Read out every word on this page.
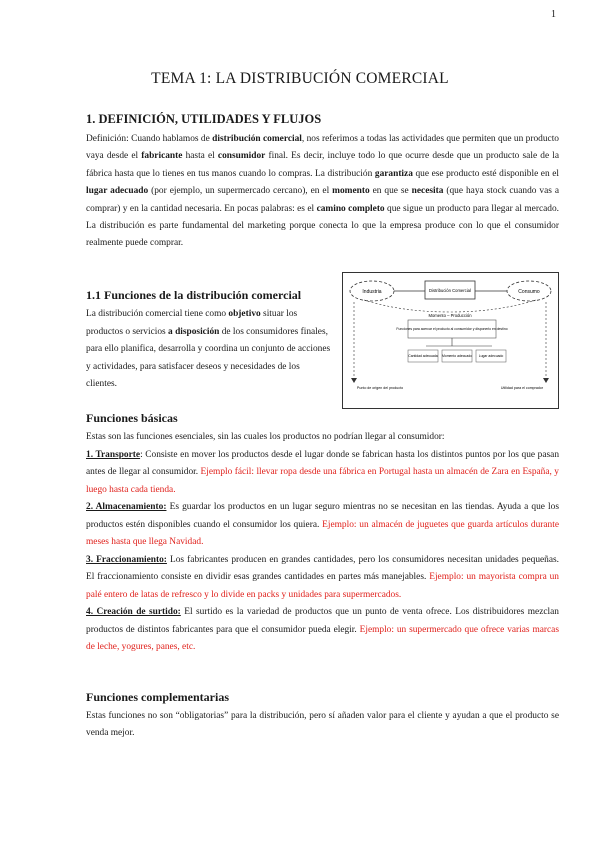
1
TEMA 1: LA DISTRIBUCIÓN COMERCIAL
1. DEFINICIÓN, UTILIDADES Y FLUJOS
Definición: Cuando hablamos de distribución comercial, nos referimos a todas las actividades que permiten que un producto vaya desde el fabricante hasta el consumidor final. Es decir, incluye todo lo que ocurre desde que un producto sale de la fábrica hasta que lo tienes en tus manos cuando lo compras. La distribución garantiza que ese producto esté disponible en el lugar adecuado (por ejemplo, un supermercado cercano), en el momento en que se necesita (que haya stock cuando vas a comprar) y en la cantidad necesaria. En pocas palabras: es el camino completo que sigue un producto para llegar al mercado. La distribución es parte fundamental del marketing porque conecta lo que la empresa produce con lo que el consumidor realmente puede comprar.
1.1 Funciones de la distribución comercial
La distribución comercial tiene como objetivo situar los productos o servicios a disposición de los consumidores finales, para ello planifica, desarrolla y coordina un conjunto de acciones y actividades, para satisfacer deseos y necesidades de los clientes.
Industria	Distribución Comercial	Consumo
Momento – Producción
Funciones para acercar el producto al consumidor y disponerlo en destino
Cantidad adecuada Momento adecuado Lugar adecuado
Punto de origen del producto	Utilidad para el comprador
Funciones básicas
Estas son las funciones esenciales, sin las cuales los productos no podrían llegar al consumidor:
1. Transporte: Consiste en mover los productos desde el lugar donde se fabrican hasta los distintos puntos por los que pasan antes de llegar al consumidor. Ejemplo fácil: llevar ropa desde una fábrica en Portugal hasta un almacén de Zara en España, y luego hasta cada tienda.
2. Almacenamiento: Es guardar los productos en un lugar seguro mientras no se necesitan en las tiendas. Ayuda a que los productos estén disponibles cuando el consumidor los quiera. Ejemplo: un almacén de juguetes que guarda artículos durante meses hasta que llega Navidad.
3. Fraccionamiento: Los fabricantes producen en grandes cantidades, pero los consumidores necesitan unidades pequeñas. El fraccionamiento consiste en dividir esas grandes cantidades en partes más manejables. Ejemplo: un mayorista compra un palé entero de latas de refresco y lo divide en packs y unidades para supermercados.
4. Creación de surtido: El surtido es la variedad de productos que un punto de venta ofrece. Los distribuidores mezclan productos de distintos fabricantes para que el consumidor pueda elegir. Ejemplo: un supermercado que ofrece varias marcas de leche, yogures, panes, etc.
Funciones complementarias
Estas funciones no son “obligatorias” para la distribución, pero sí añaden valor para el cliente y ayudan a que el producto se venda mejor.
